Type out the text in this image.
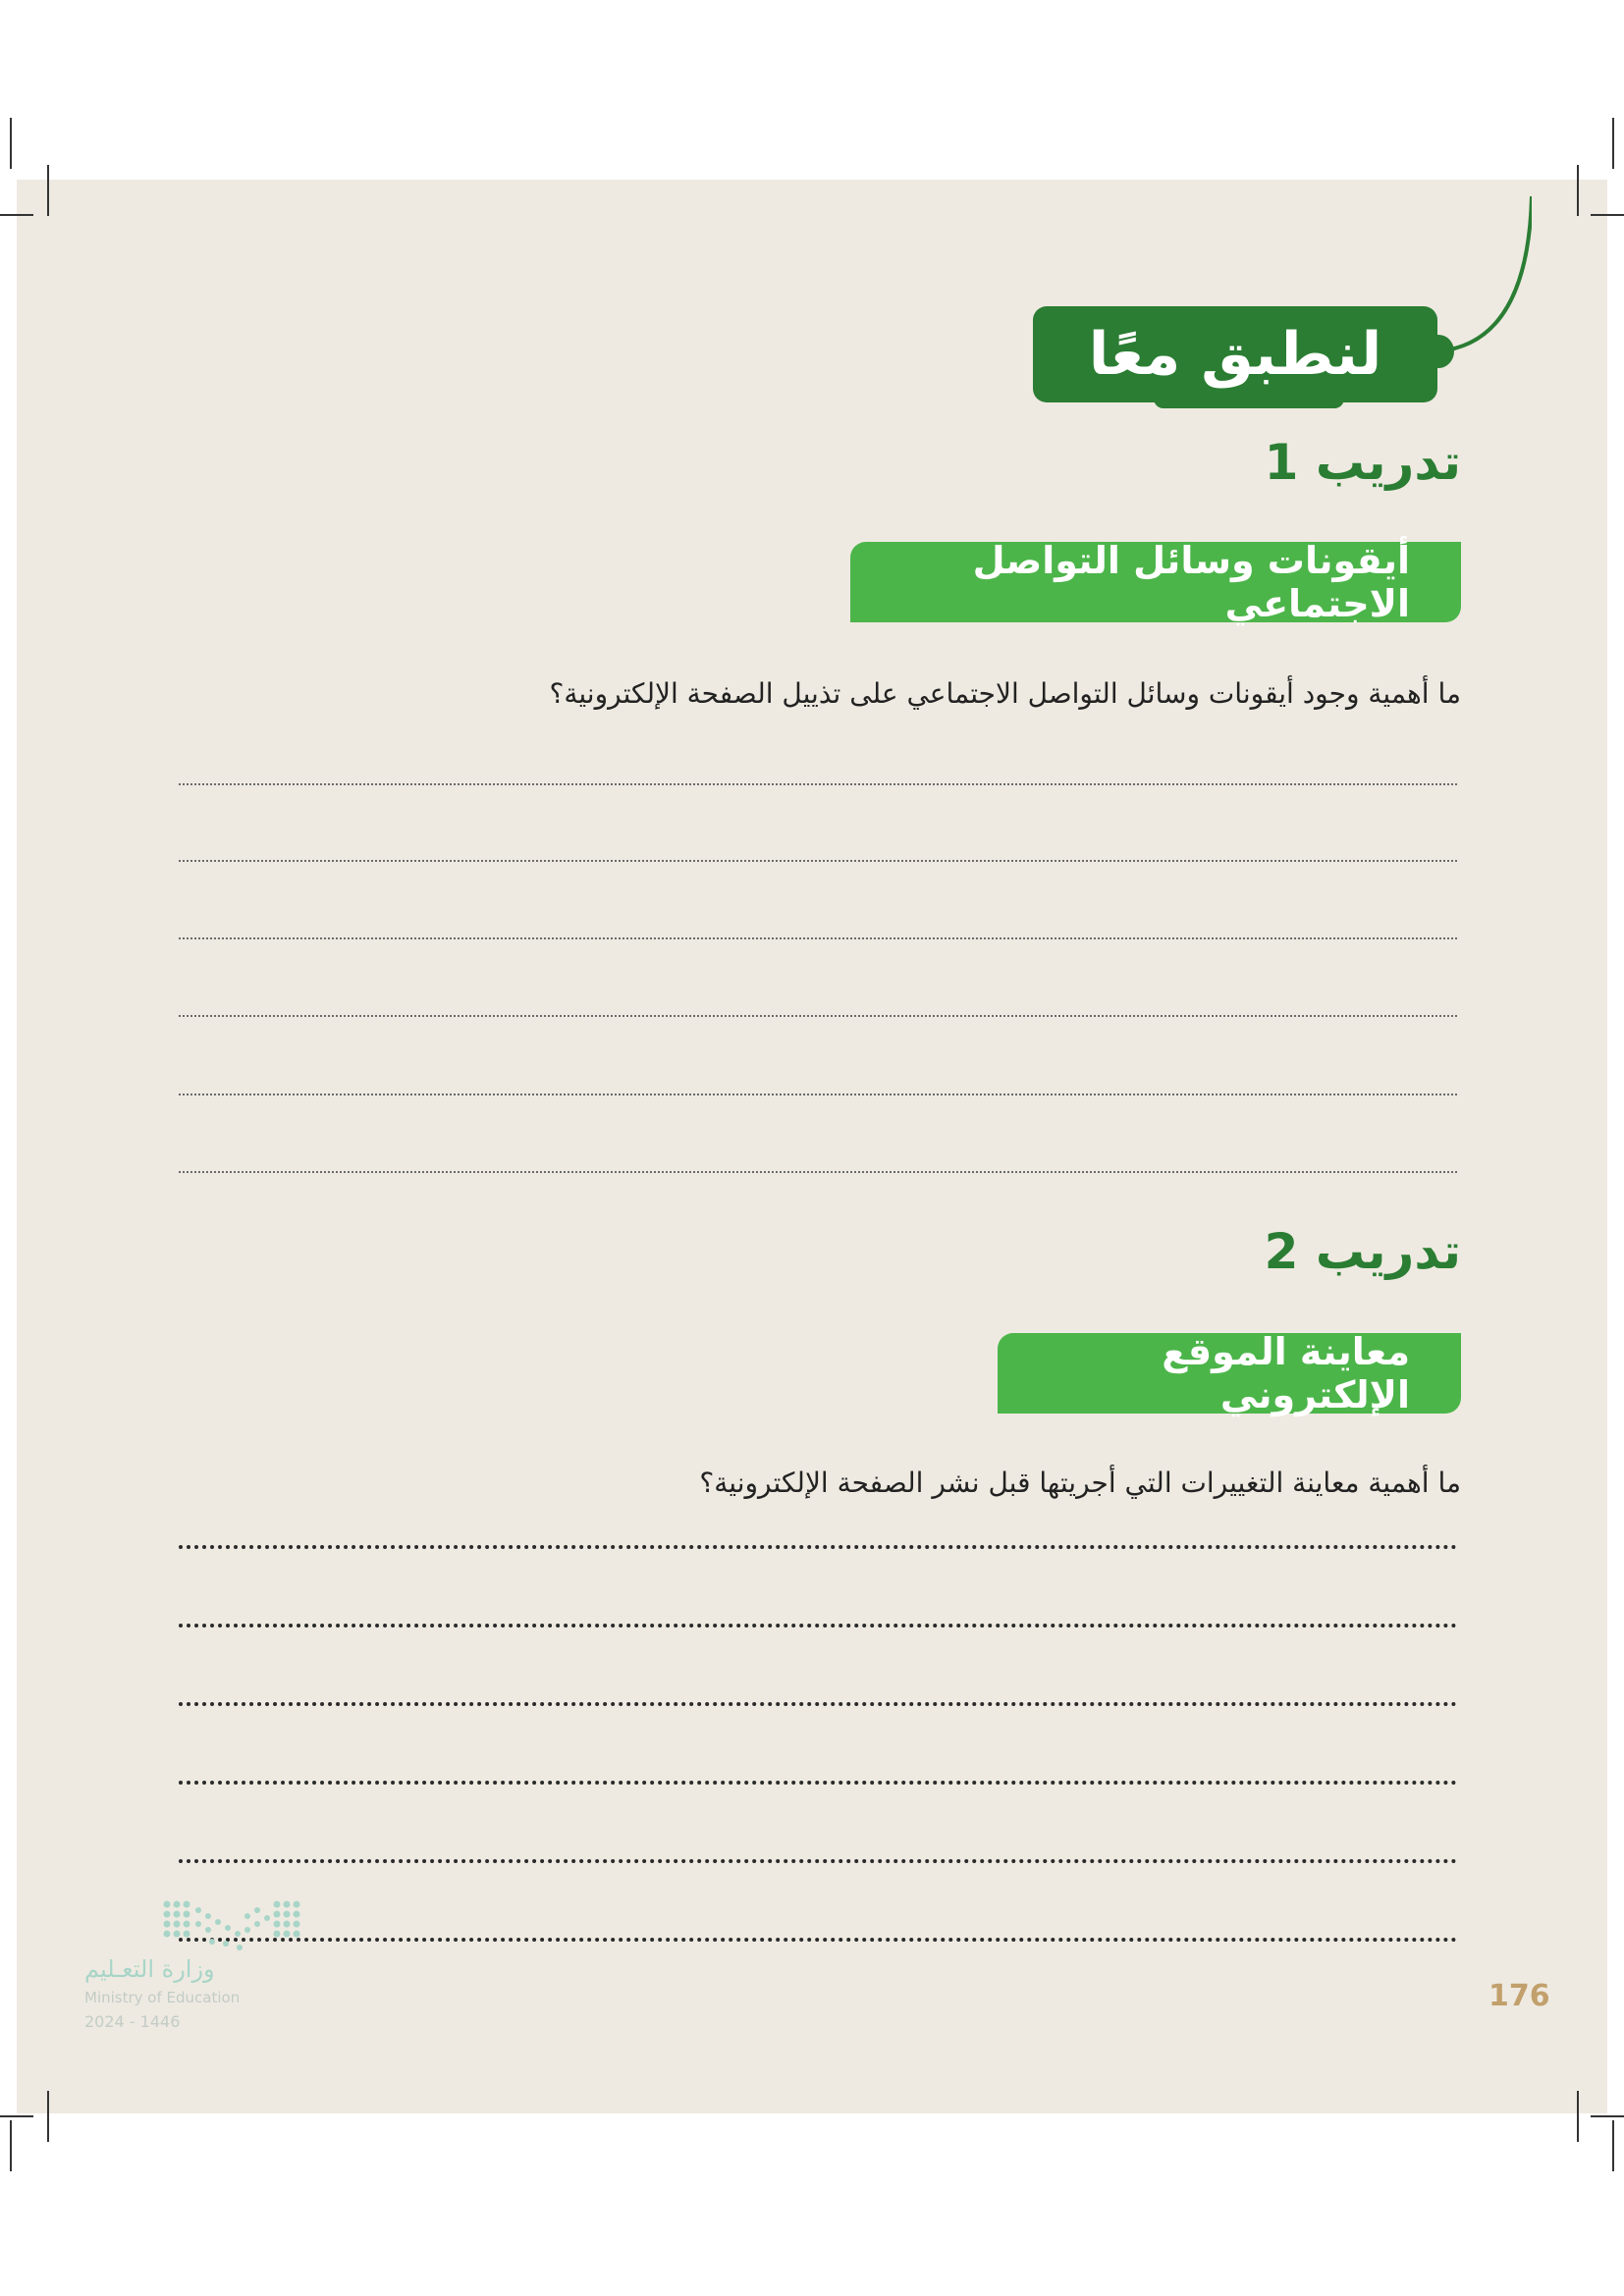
لنطبق معًا
تدريب 1
أيقونات وسائل التواصل الاجتماعي
ما أهمية وجود أيقونات وسائل التواصل الاجتماعي على تذييل الصفحة الإلكترونية؟
تدريب 2
معاينة الموقع الإلكتروني
ما أهمية معاينة التغييرات التي أجريتها قبل نشر الصفحة الإلكترونية؟
وزارة التعـليم
Ministry of Education
2024 - 1446
176
